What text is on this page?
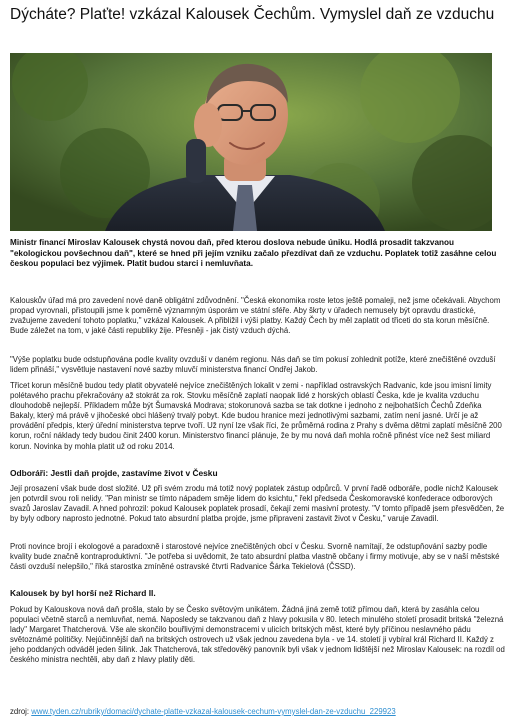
Dýcháte? Plaťte! vzkázal Kalousek Čechům. Vymyslel daň ze vzduchu

Ministr financí Miroslav Kalousek chystá novou daň, před kterou doslova nebude úniku. Hodlá prosadit takzvanou "ekologickou povšechnou daň", které se hned při jejím vzniku začalo přezdívat daň ze vzduchu. Poplatek totiž zasáhne celou českou populaci bez výjimek. Platit budou starci i nemluvňata.

Kalouskův úřad má pro zavedení nové daně obligátní zdůvodnění. "Česká ekonomika roste letos ještě pomaleji, než jsme očekávali. Abychom propad vyrovnali, přistoupili jsme k poměrně významným úsporám ve státní sféře. Aby škrty v úřadech nemusely být opravdu drastické, zvažujeme zavedení tohoto poplatku," vzkázal Kalousek. A přibližil i výši platby. Každý Čech by měl zaplatit od třiceti do sta korun měsíčně. Bude záležet na tom, v jaké části republiky žije. Přesněji - jak čistý vzduch dýchá.

"Výše poplatku bude odstupňována podle kvality ovzduší v daném regionu. Nás daň se tím pokusí zohlednit potíže, které znečištěné ovzduší lidem přináší," vysvětluje nastavení nové sazby mluvčí ministerstva financí Ondřej Jakob.

Třicet korun měsíčně budou tedy platit obyvatelé nejvíce znečištěných lokalit v zemi - například ostravských Radvanic, kde jsou imisní limity polétavého prachu překračovány až stokrát za rok. Stovku měsíčně zaplatí naopak lidé z horských oblastí Česka, kde je kvalita vzduchu dlouhodobě nejlepší. Příkladem může být Šumavská Modrava; stokorunová sazba se tak dotkne i jednoho z nejbohatších Čechů Zdeňka Bakaly, který má právě v jihočeské obci hlášený trvalý pobyt. Kde budou hranice mezi jednotlivými sazbami, zatím není jasné. Určí je až provádění předpis, který úřední ministerstva teprve tvoří. Už nyní lze však říci, že průměrná rodina z Prahy s dvěma dětmi zaplatí měsíčně 200 korun, roční náklady tedy budou činit 2400 korun. Ministerstvo financí plánuje, že by mu nová daň mohla ročně přinést více než šest miliard korun. Novinka by mohla platit už od roku 2014.

Odboráři: Jestli daň projde, zastavíme život v Česku

Její prosazení však bude dost složité. Už při svém zrodu má totiž nový poplatek zástup odpůrců. V první řadě odboráře, podle nichž Kalousek jen potvrdil svou roli nelidy. "Pan ministr se tímto nápadem směje lidem do ksichtu," řekl předseda Českomoravské konfederace odborových svazů Jaroslav Zavadil. A hned pohrozil: pokud Kalousek poplatek prosadí, čekají zemi masivní protesty. "V tomto případě jsem přesvědčen, že by byly odbory naprosto jednotné. Pokud tato absurdní platba projde, jsme připraveni zastavit život v Česku," varuje Zavadil.

Proti novince brojí i ekologové a paradoxně i starostové nejvíce znečištěných obcí v Česku. Svorně namítají, že odstupňování sazby podle kvality bude značně kontraproduktivní. "Je potřeba si uvědomit, že tato absurdní platba vlastně občany i firmy motivuje, aby se v naší městské části ovzduší nelepšilo," říká starostka zmíněné ostravské čtvrti Radvanice Šárka Tekielová (ČSSD).

Kalousek by byl horší než Richard II.

Pokud by Kalouskova nová daň prošla, stalo by se Česko světovým unikátem. Žádná jiná země totiž přímou daň, která by zasáhla celou populaci včetně starců a nemluvňat, nemá. Naposledy se takzvanou daň z hlavy pokusila v 80. letech minulého století prosadit britská "železná lady" Margaret Thatcherová. Vše ale skončilo bouřlivými demonstracemi v ulicích britských měst, které byly příčinou neslavného pádu světoznámé političky. Nejúčinnější daň na britských ostrovech už však jednou zavedena byla - ve 14. století ji vybíral král Richard II. Každý z jeho poddaných odváděl jeden šilink. Jak Thatcherová, tak středověký panovník byli však v jednom lidštější než Miroslav Kalousek: na rozdíl od českého ministra nechtěli, aby daň z hlavy platily děti.

zdroj: www.tyden.cz/rubriky/domaci/dychate-platte-vzkazal-kalousek-cechum-vymyslel-dan-ze-vzduchu_229923
